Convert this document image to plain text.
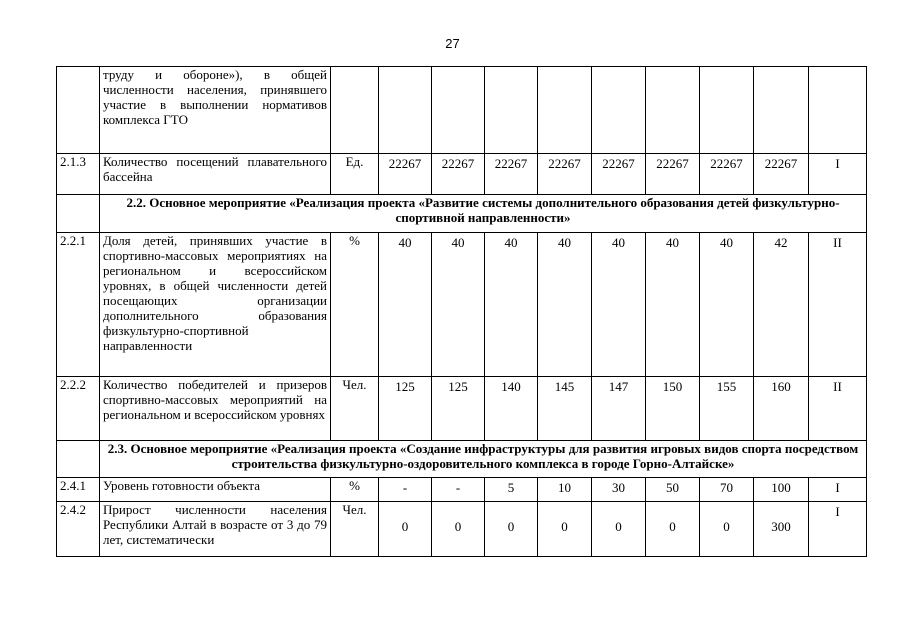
27
	труду и обороне»), в общей численности населения, принявшего участие в выполнении нормативов комплекса ГТО										
2.1.3	Количество посещений плавательного бассейна	Ед.	22267	22267	22267	22267	22267	22267	22267	22267	I
	2.2. Основное мероприятие «Реализация проекта «Развитие системы дополнительного образования детей физкультурно-спортивной направленности»										
2.2.1	Доля детей, принявших участие в спортивно-массовых мероприятиях на региональном и всероссийском уровнях, в общей численности детей посещающих организации дополнительного образования физкультурно-спортивной направленности	%	40	40	40	40	40	40	40	42	II
2.2.2	Количество победителей и призеров спортивно-массовых мероприятий на региональном и всероссийском уровнях	Чел.	125	125	140	145	147	150	155	160	II
	2.3. Основное мероприятие «Реализация проекта «Создание инфраструктуры для развития игровых видов спорта посредством строительства физкультурно-оздоровительного комплекса в городе Горно-Алтайске»										
2.4.1	Уровень готовности объекта	%	-	-	5	10	30	50	70	100	I
2.4.2	Прирост численности населения Республики Алтай в возрасте от 3 до 79 лет, систематически	Чел.	0	0	0	0	0	0	0	300	I
